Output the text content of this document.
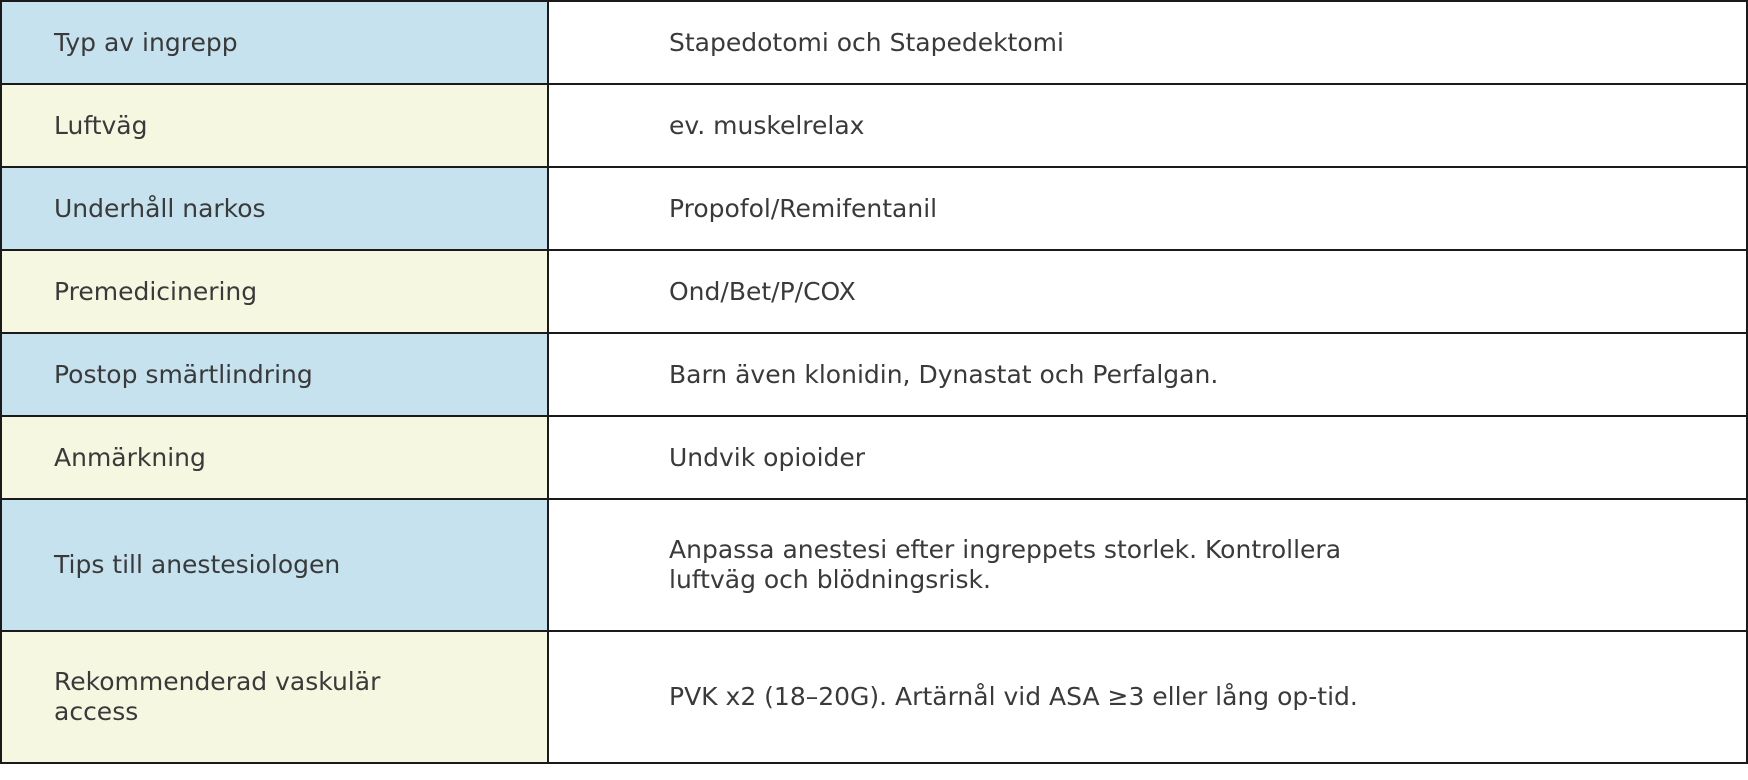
Typ av ingrepp	Stapedotomi och Stapedektomi
Luftväg	ev. muskelrelax
Underhåll narkos	Propofol/Remifentanil
Premedicinering	Ond/Bet/P/COX
Postop smärtlindring	Barn även klonidin, Dynastat och Perfalgan.
Anmärkning	Undvik opioider
Tips till anestesiologen	Anpassa anestesi efter ingreppets storlek. Kontrollera luftväg och blödningsrisk.

Rekommenderad vaskulär access	PVK x2 (18–20G). Artärnål vid ASA ≥3 eller lång op-tid.
